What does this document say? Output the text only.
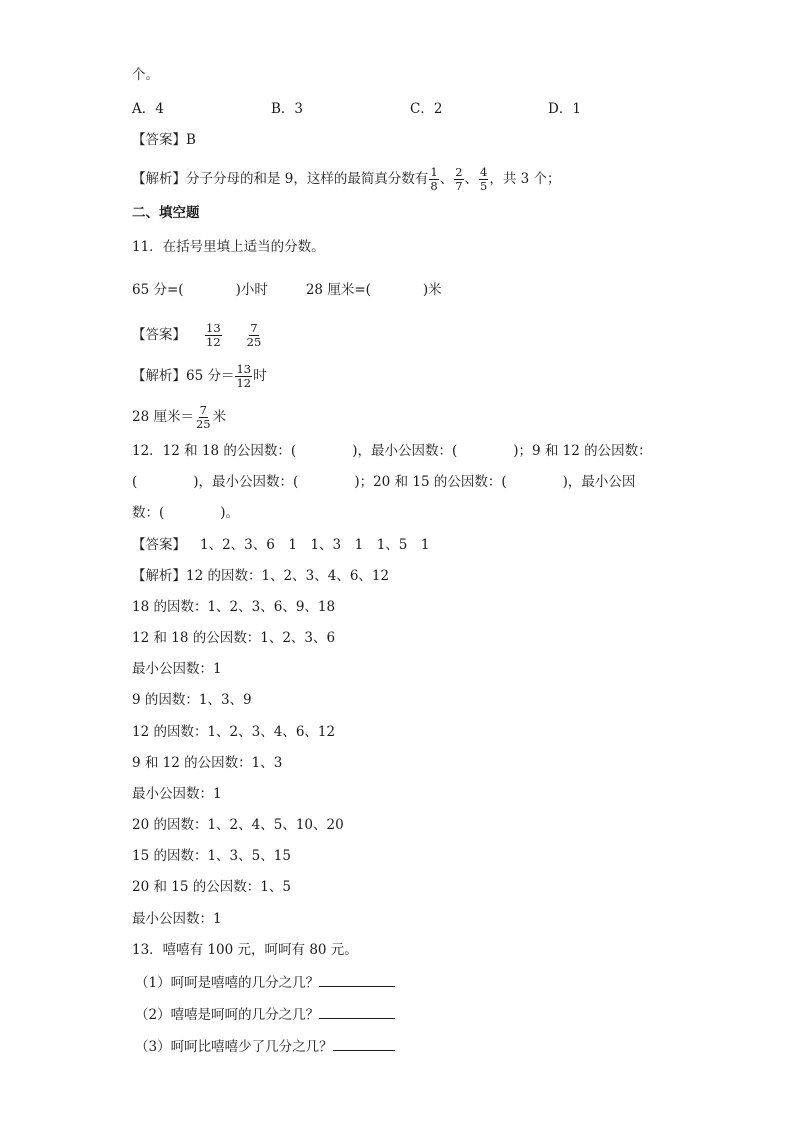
个。
A．4	B．3	C．2	D．1
【答案】B
【解析】分子分母的和是 9，这样的最简真分数有 $\frac{1}{8}$ 、 $\frac{2}{7}$ 、 $\frac{4}{5}$ ，共 3 个；
二、填空题
11．在括号里填上适当的分数。
65 分=(	)小时	28 厘米=(	)米
【答案】 $\frac{13}{12} \frac{7}{25}$
【解析】65 分＝ $\frac{13}{12}$ 时
28 厘米＝ $\frac{7}{25}$ 米
12．12 和 18 的公因数：(	)，最小公因数：(	)；9 和 12 的公因数：
(	)，最小公因数：(	)；20 和 15 的公因数：(	)，最小公因
数：(	)。
【答案】 1、2、3、6　1　1、3　1　1、5　1
【解析】12 的因数：1、2、3、4、6、12
18 的因数：1、2、3、6、9、18
12 和 18 的公因数：1、2、3、6
最小公因数：1
9 的因数：1、3、9
12 的因数：1、2、3、4、6、12
9 和 12 的公因数：1、3
最小公因数：1
20 的因数：1、2、4、5、10、20
15 的因数：1、3、5、15
20 和 15 的公因数：1、5
最小公因数：1
13．嘻嘻有 100 元，呵呵有 80 元。
（1）呵呵是嘻嘻的几分之几？
（2）嘻嘻是呵呵的几分之几？
（3）呵呵比嘻嘻少了几分之几？
